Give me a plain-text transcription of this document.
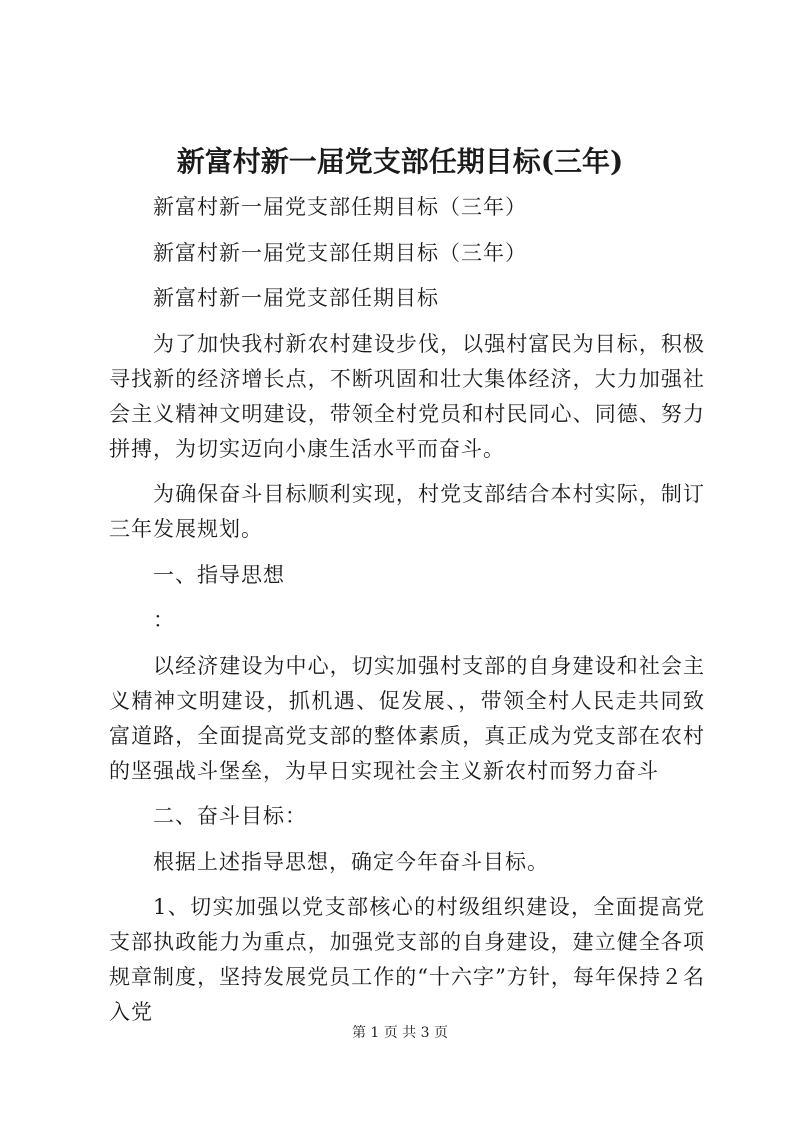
新富村新一届党支部任期目标(三年)

新富村新一届党支部任期目标（三年）

新富村新一届党支部任期目标（三年）

新富村新一届党支部任期目标

为了加快我村新农村建设步伐，以强村富民为目标，积极寻找新的经济增长点，不断巩固和壮大集体经济，大力加强社会主义精神文明建设，带领全村党员和村民同心、同德、努力拼搏，为切实迈向小康生活水平而奋斗。

为确保奋斗目标顺利实现，村党支部结合本村实际，制订三年发展规划。

一、指导思想

：

以经济建设为中心，切实加强村支部的自身建设和社会主义精神文明建设，抓机遇、促发展、，带领全村人民走共同致富道路，全面提高党支部的整体素质，真正成为党支部在农村的坚强战斗堡垒，为早日实现社会主义新农村而努力奋斗

二、奋斗目标：

根据上述指导思想，确定今年奋斗目标。

1、切实加强以党支部核心的村级组织建设，全面提高党支部执政能力为重点，加强党支部的自身建设，建立健全各项规章制度，坚持发展党员工作的“十六字”方针，每年保持２名入党

第 1 页 共 3 页
